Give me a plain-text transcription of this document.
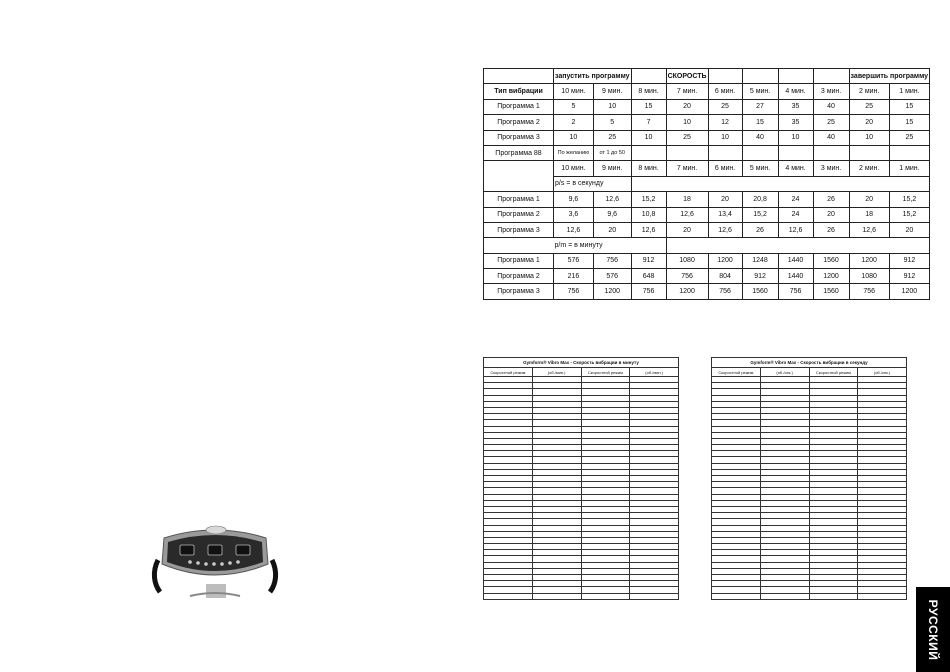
	запустить программу			СКОРОСТЬ					завершить программу	
Тип вибрации	10 мин.	9 мин.	8 мин.	7 мин.	6 мин.	5 мин.	4 мин.	3 мин.	2 мин.	1 мин.
Программа 1	5	10	15	20	25	27	35	40	25	15
Программа 2	2	5	7	10	12	15	35	25	20	15
Программа 3	10	25	10	25	10	40	10	40	10	25
Программа 88	По желанию	от 1 до 50								
	10 мин.	9 мин.	8 мин.	7 мин.	6 мин.	5 мин.	4 мин.	3 мин.	2 мин.	1 мин.
	p/s = в секунду									
Программа 1	9,6	12,6	15,2	18	20	20,8	24	26	20	15,2
Программа 2	3,6	9,6	10,8	12,6	13,4	15,2	24	20	18	15,2
Программа 3	12,6	20	12,6	20	12,6	26	12,6	26	12,6	20
	p/m = в минуту									
Программа 1	576	756	912	1080	1200	1248	1440	1560	1200	912
Программа 2	216	576	648	756	804	912	1440	1200	1080	912
Программа 3	756	1200	756	1200	756	1560	756	1560	756	1200
Gymform® Vibro Max - Скорость вибрации в минуту
Скоростной режим	(об./мин.)	Скоростной режим	(об./мин.)

Gymform® Vibro Max - Скорость вибрации в секунду
Скоростной режим	(об./сек.)	Скоростной режим	(об./сек.)

РУССКИЙ
